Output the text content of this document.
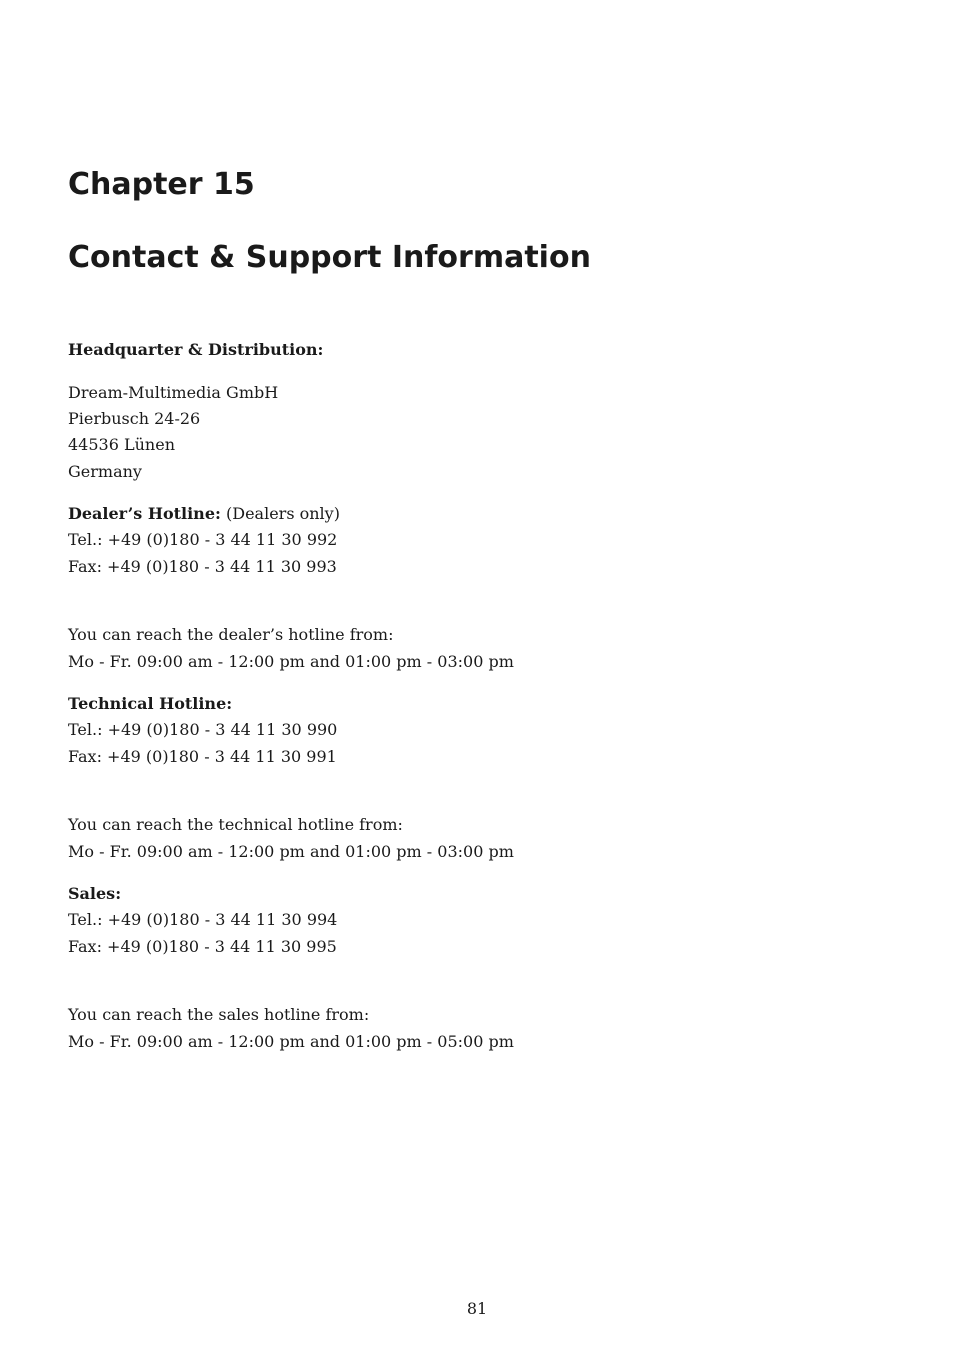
Chapter 15
Contact & Support Information

Headquarter & Distribution:

Dream-Multimedia GmbH

Pierbusch 24-26

44536 Lünen

Germany

Dealer’s Hotline: (Dealers only)

Tel.: +49 (0)180 - 3 44 11 30 992

Fax: +49 (0)180 - 3 44 11 30 993

You can reach the dealer’s hotline from:

Mo - Fr. 09:00 am - 12:00 pm and 01:00 pm - 03:00 pm

Technical Hotline:

Tel.: +49 (0)180 - 3 44 11 30 990

Fax: +49 (0)180 - 3 44 11 30 991

You can reach the technical hotline from:

Mo - Fr. 09:00 am - 12:00 pm and 01:00 pm - 03:00 pm

Sales:

Tel.: +49 (0)180 - 3 44 11 30 994

Fax: +49 (0)180 - 3 44 11 30 995

You can reach the sales hotline from:

Mo - Fr. 09:00 am - 12:00 pm and 01:00 pm - 05:00 pm

81
